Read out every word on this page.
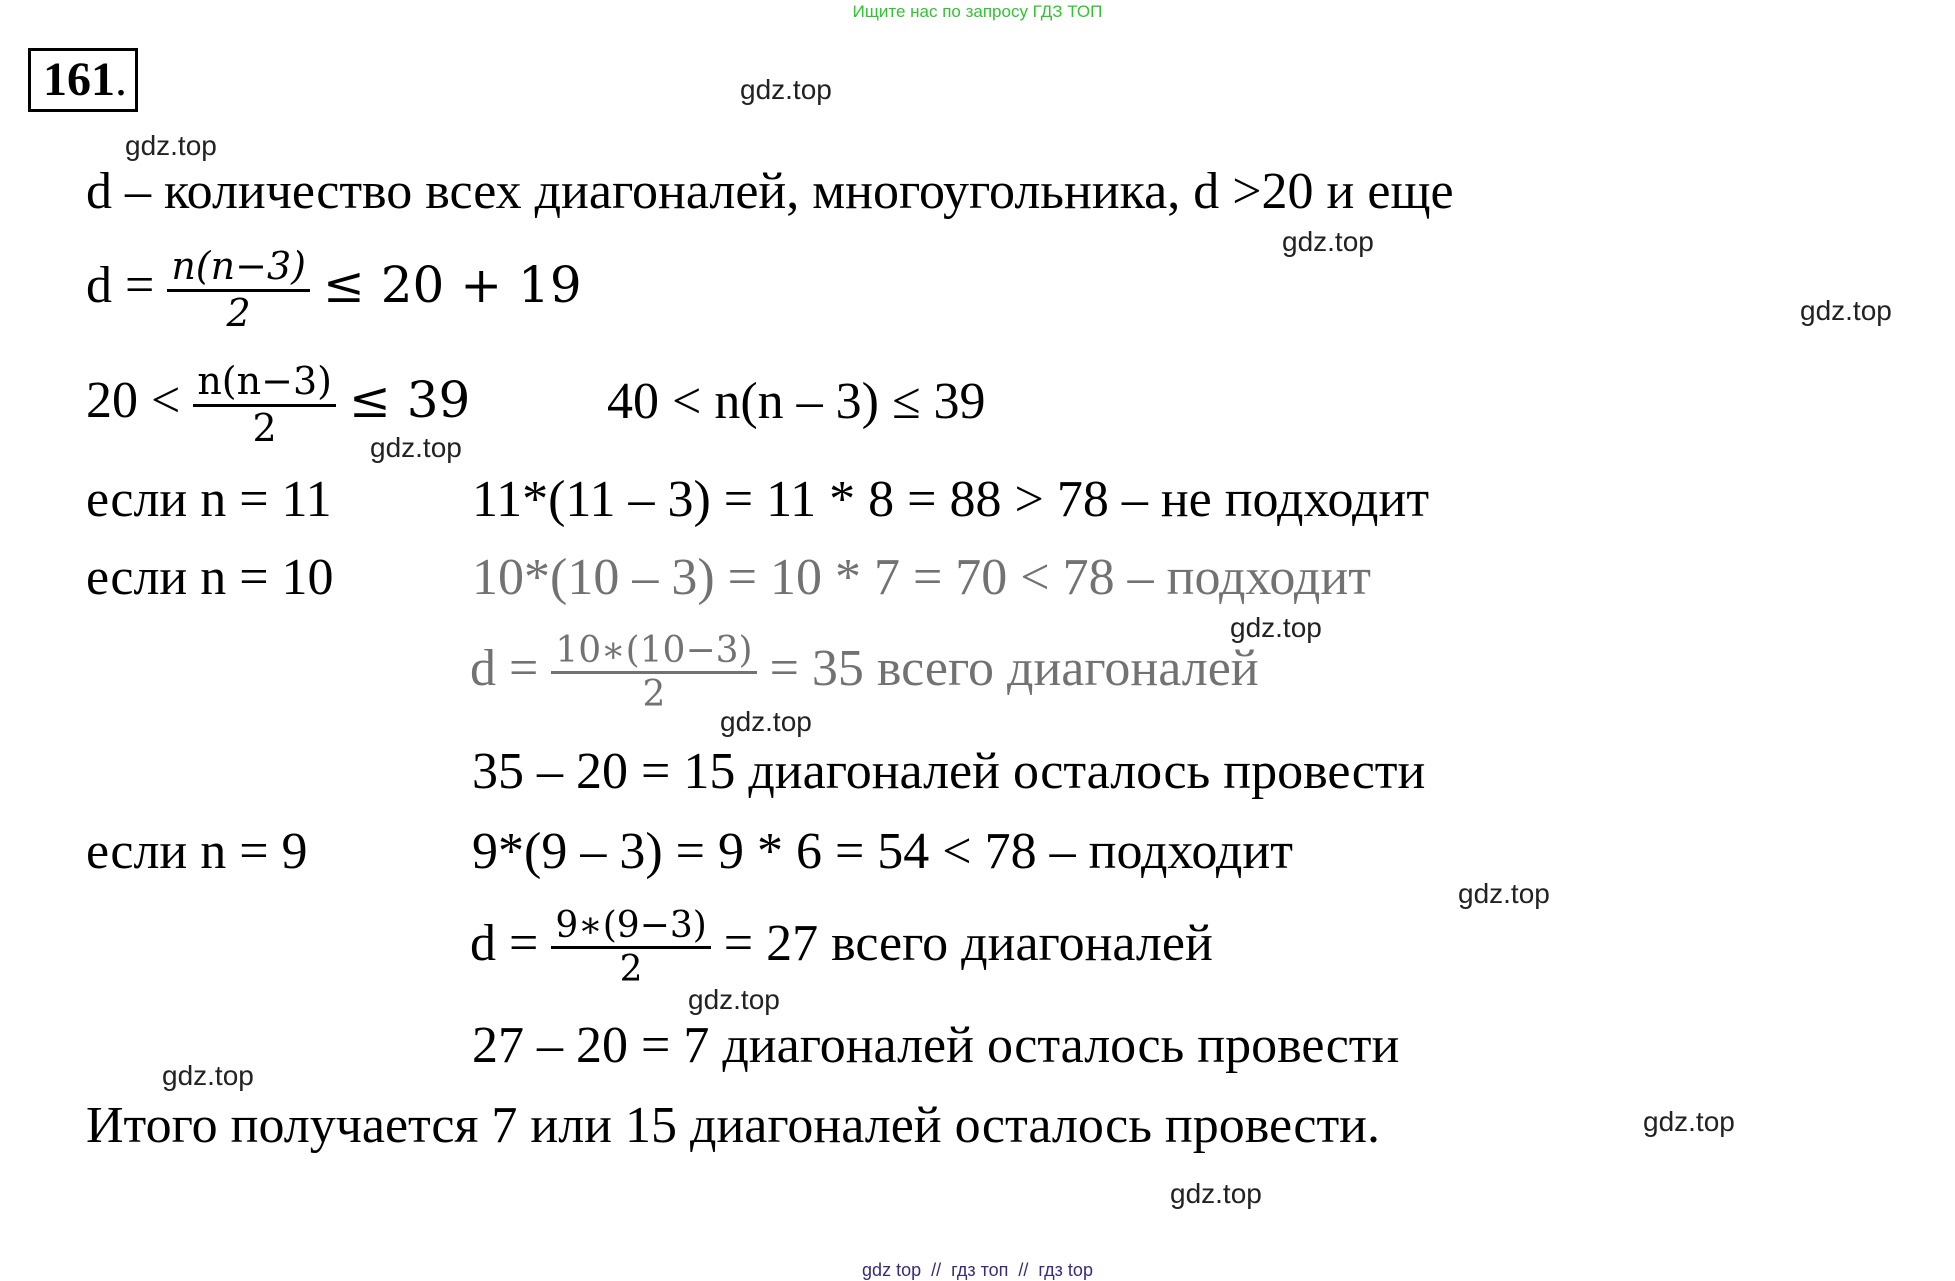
Ищите нас по запросу ГДЗ ТОП
161.	gdz.top
gdz.top
gdz.top
gdz.top
gdz.top
gdz.top
gdz.top
gdz.top
gdz.top
gdz.top
gdz.top
gdz.top
d – количество всех диагоналей, многоугольника, d >20 и еще
$d = \frac{n(n-3)}{2} \le 20 + 19$
$20 < \frac{n(n-3)}{2} \le 39$	40 < n(n – 3) ≤ 39
если n = 11	11*(11 – 3) = 11 * 8 = 88 > 78 – не подходит
если n = 10	10*(10 – 3) = 10 * 7 = 70 < 78 – подходит
$d = \frac{10∗(10-3)}{2} = 35$ всего диагоналей
35 – 20 = 15 диагоналей осталось провести
если n = 9	9*(9 – 3) = 9 * 6 = 54 < 78 – подходит
$d = \frac{9∗(9-3)}{2} = 27$ всего диагоналей
27 – 20 = 7 диагоналей осталось провести
Итого получается 7 или 15 диагоналей осталось провести.
gdz top  //  гдз топ  //  гдз top
